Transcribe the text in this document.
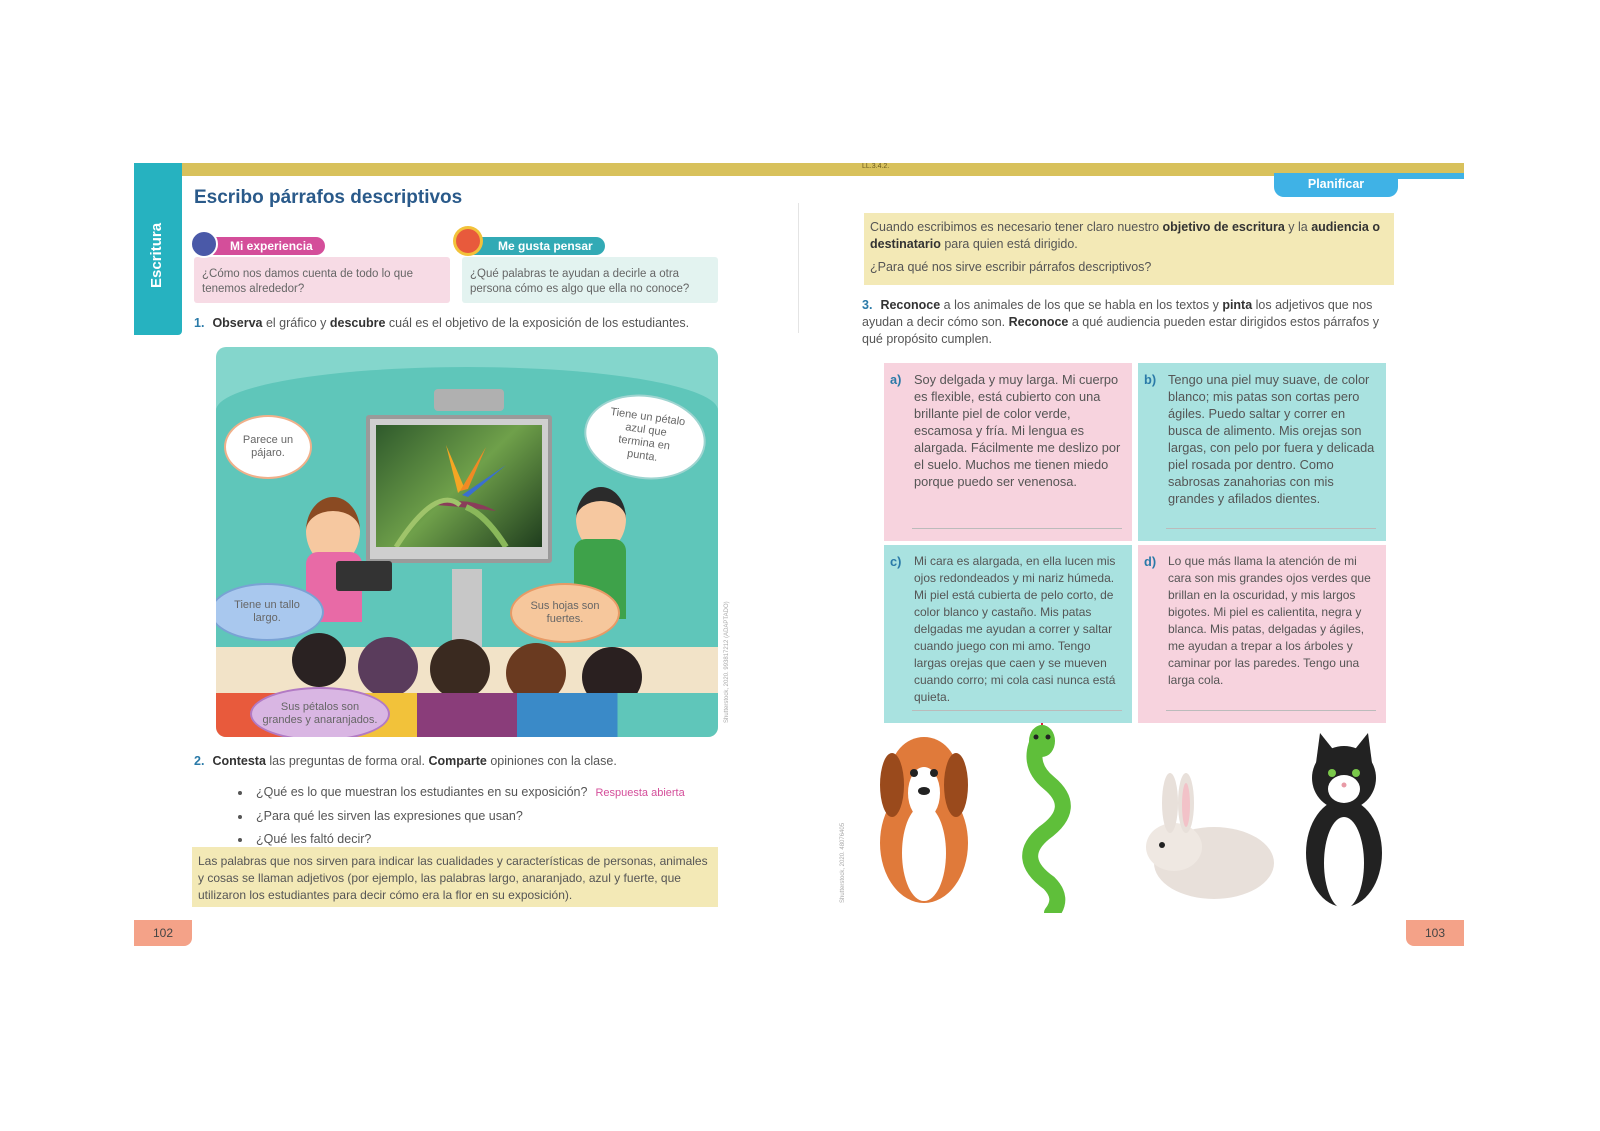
LL.3.4.2.
Escritura
Escribo párrafos descriptivos
¿Cómo nos damos cuenta de todo lo que tenemos alrededor?
Mi experiencia
¿Qué palabras te ayudan a decirle a otra persona cómo es algo que ella no conoce?
Me gusta pensar
1. Observa el gráfico y descubre cuál es el objetivo de la exposición de los estudiantes.
Parece un pájaro.
Tiene un pétalo azul que termina en punta.
Tiene un tallo largo.
Sus hojas son fuertes.
Sus pétalos son grandes y anaranjados.	Shutterstock, 2020. 993817212 (ADAPTADO)
2. Contesta las preguntas de forma oral. Comparte opiniones con la clase.
• ¿Qué es lo que muestran los estudiantes en su exposición? Respuesta abierta
• ¿Para qué les sirven las expresiones que usan?
• ¿Qué les faltó decir?
Las palabras que nos sirven para indicar las cualidades y características de personas, animales y cosas se llaman adjetivos (por ejemplo, las palabras largo, anaranjado, azul y fuerte, que utilizaron los estudiantes para decir cómo era la flor en su exposición).
102
Planificar

Cuando escribimos es necesario tener claro nuestro objetivo de escritura y la audiencia o destinatario para quien está dirigido.

¿Para qué nos sirve escribir párrafos descriptivos?

3. Reconoce a los animales de los que se habla en los textos y pinta los adjetivos que nos ayudan a decir cómo son. Reconoce a qué audiencia pueden estar dirigidos estos párrafos y qué propósito cumplen.
a) Soy delgada y muy larga. Mi cuerpo es flexible, está cubierto con una brillante piel de color verde, escamosa y fría. Mi lengua es alargada. Fácilmente me deslizo por el suelo. Muchos me tienen miedo porque puedo ser venenosa.
b) Tengo una piel muy suave, de color blanco; mis patas son cortas pero ágiles. Puedo saltar y correr en busca de alimento. Mis orejas son largas, con pelo por fuera y delicada piel rosada por dentro. Como sabrosas zanahorias con mis grandes y afilados dientes.
c) Mi cara es alargada, en ella lucen mis ojos redondeados y mi nariz húmeda. Mi piel está cubierta de pelo corto, de color blanco y castaño. Mis patas delgadas me ayudan a correr y saltar cuando juego con mi amo. Tengo largas orejas que caen y se mueven cuando corro; mi cola casi nunca está quieta.
d) Lo que más llama la atención de mi cara son mis grandes ojos verdes que brillan en la oscuridad, y mis largos bigotes. Mi piel es calientita, negra y blanca. Mis patas, delgadas y ágiles, me ayudan a trepar a los árboles y caminar por las paredes. Tengo una larga cola.
Shutterstock, 2020. 48076405
103
